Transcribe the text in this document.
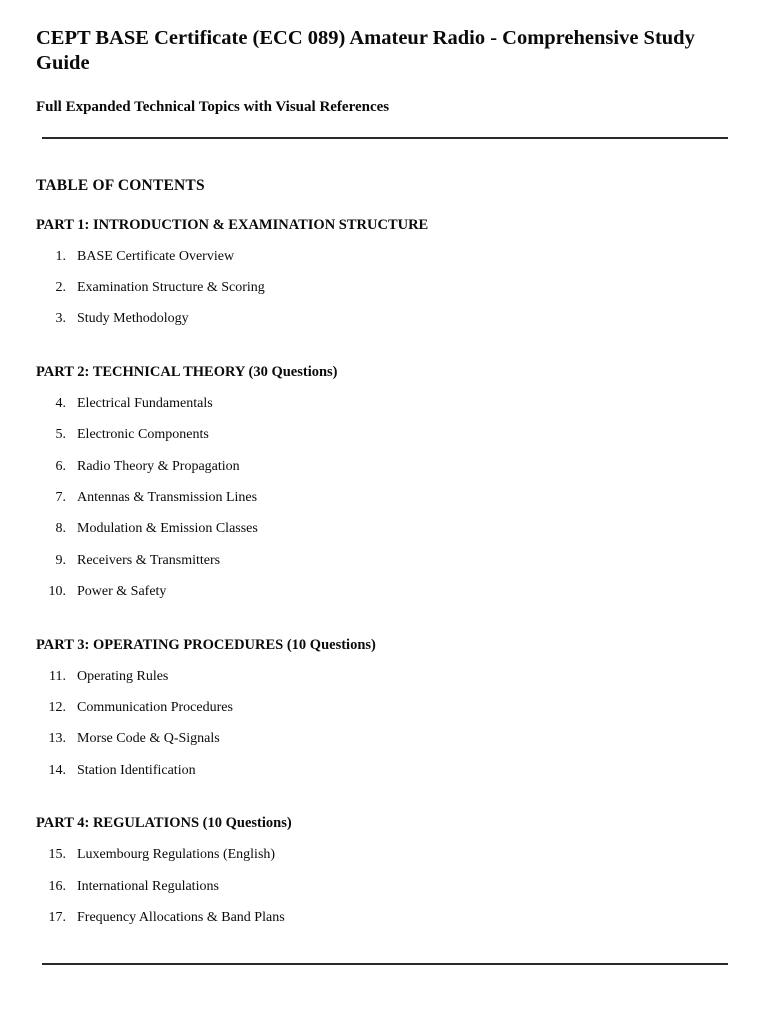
CEPT BASE Certificate (ECC 089) Amateur Radio - Comprehensive Study Guide
Full Expanded Technical Topics with Visual References
TABLE OF CONTENTS
PART 1: INTRODUCTION & EXAMINATION STRUCTURE
1. BASE Certificate Overview
2. Examination Structure & Scoring
3. Study Methodology
PART 2: TECHNICAL THEORY (30 Questions)
4. Electrical Fundamentals
5. Electronic Components
6. Radio Theory & Propagation
7. Antennas & Transmission Lines
8. Modulation & Emission Classes
9. Receivers & Transmitters
10. Power & Safety
PART 3: OPERATING PROCEDURES (10 Questions)
11. Operating Rules
12. Communication Procedures
13. Morse Code & Q-Signals
14. Station Identification
PART 4: REGULATIONS (10 Questions)
15. Luxembourg Regulations (English)
16. International Regulations
17. Frequency Allocations & Band Plans
